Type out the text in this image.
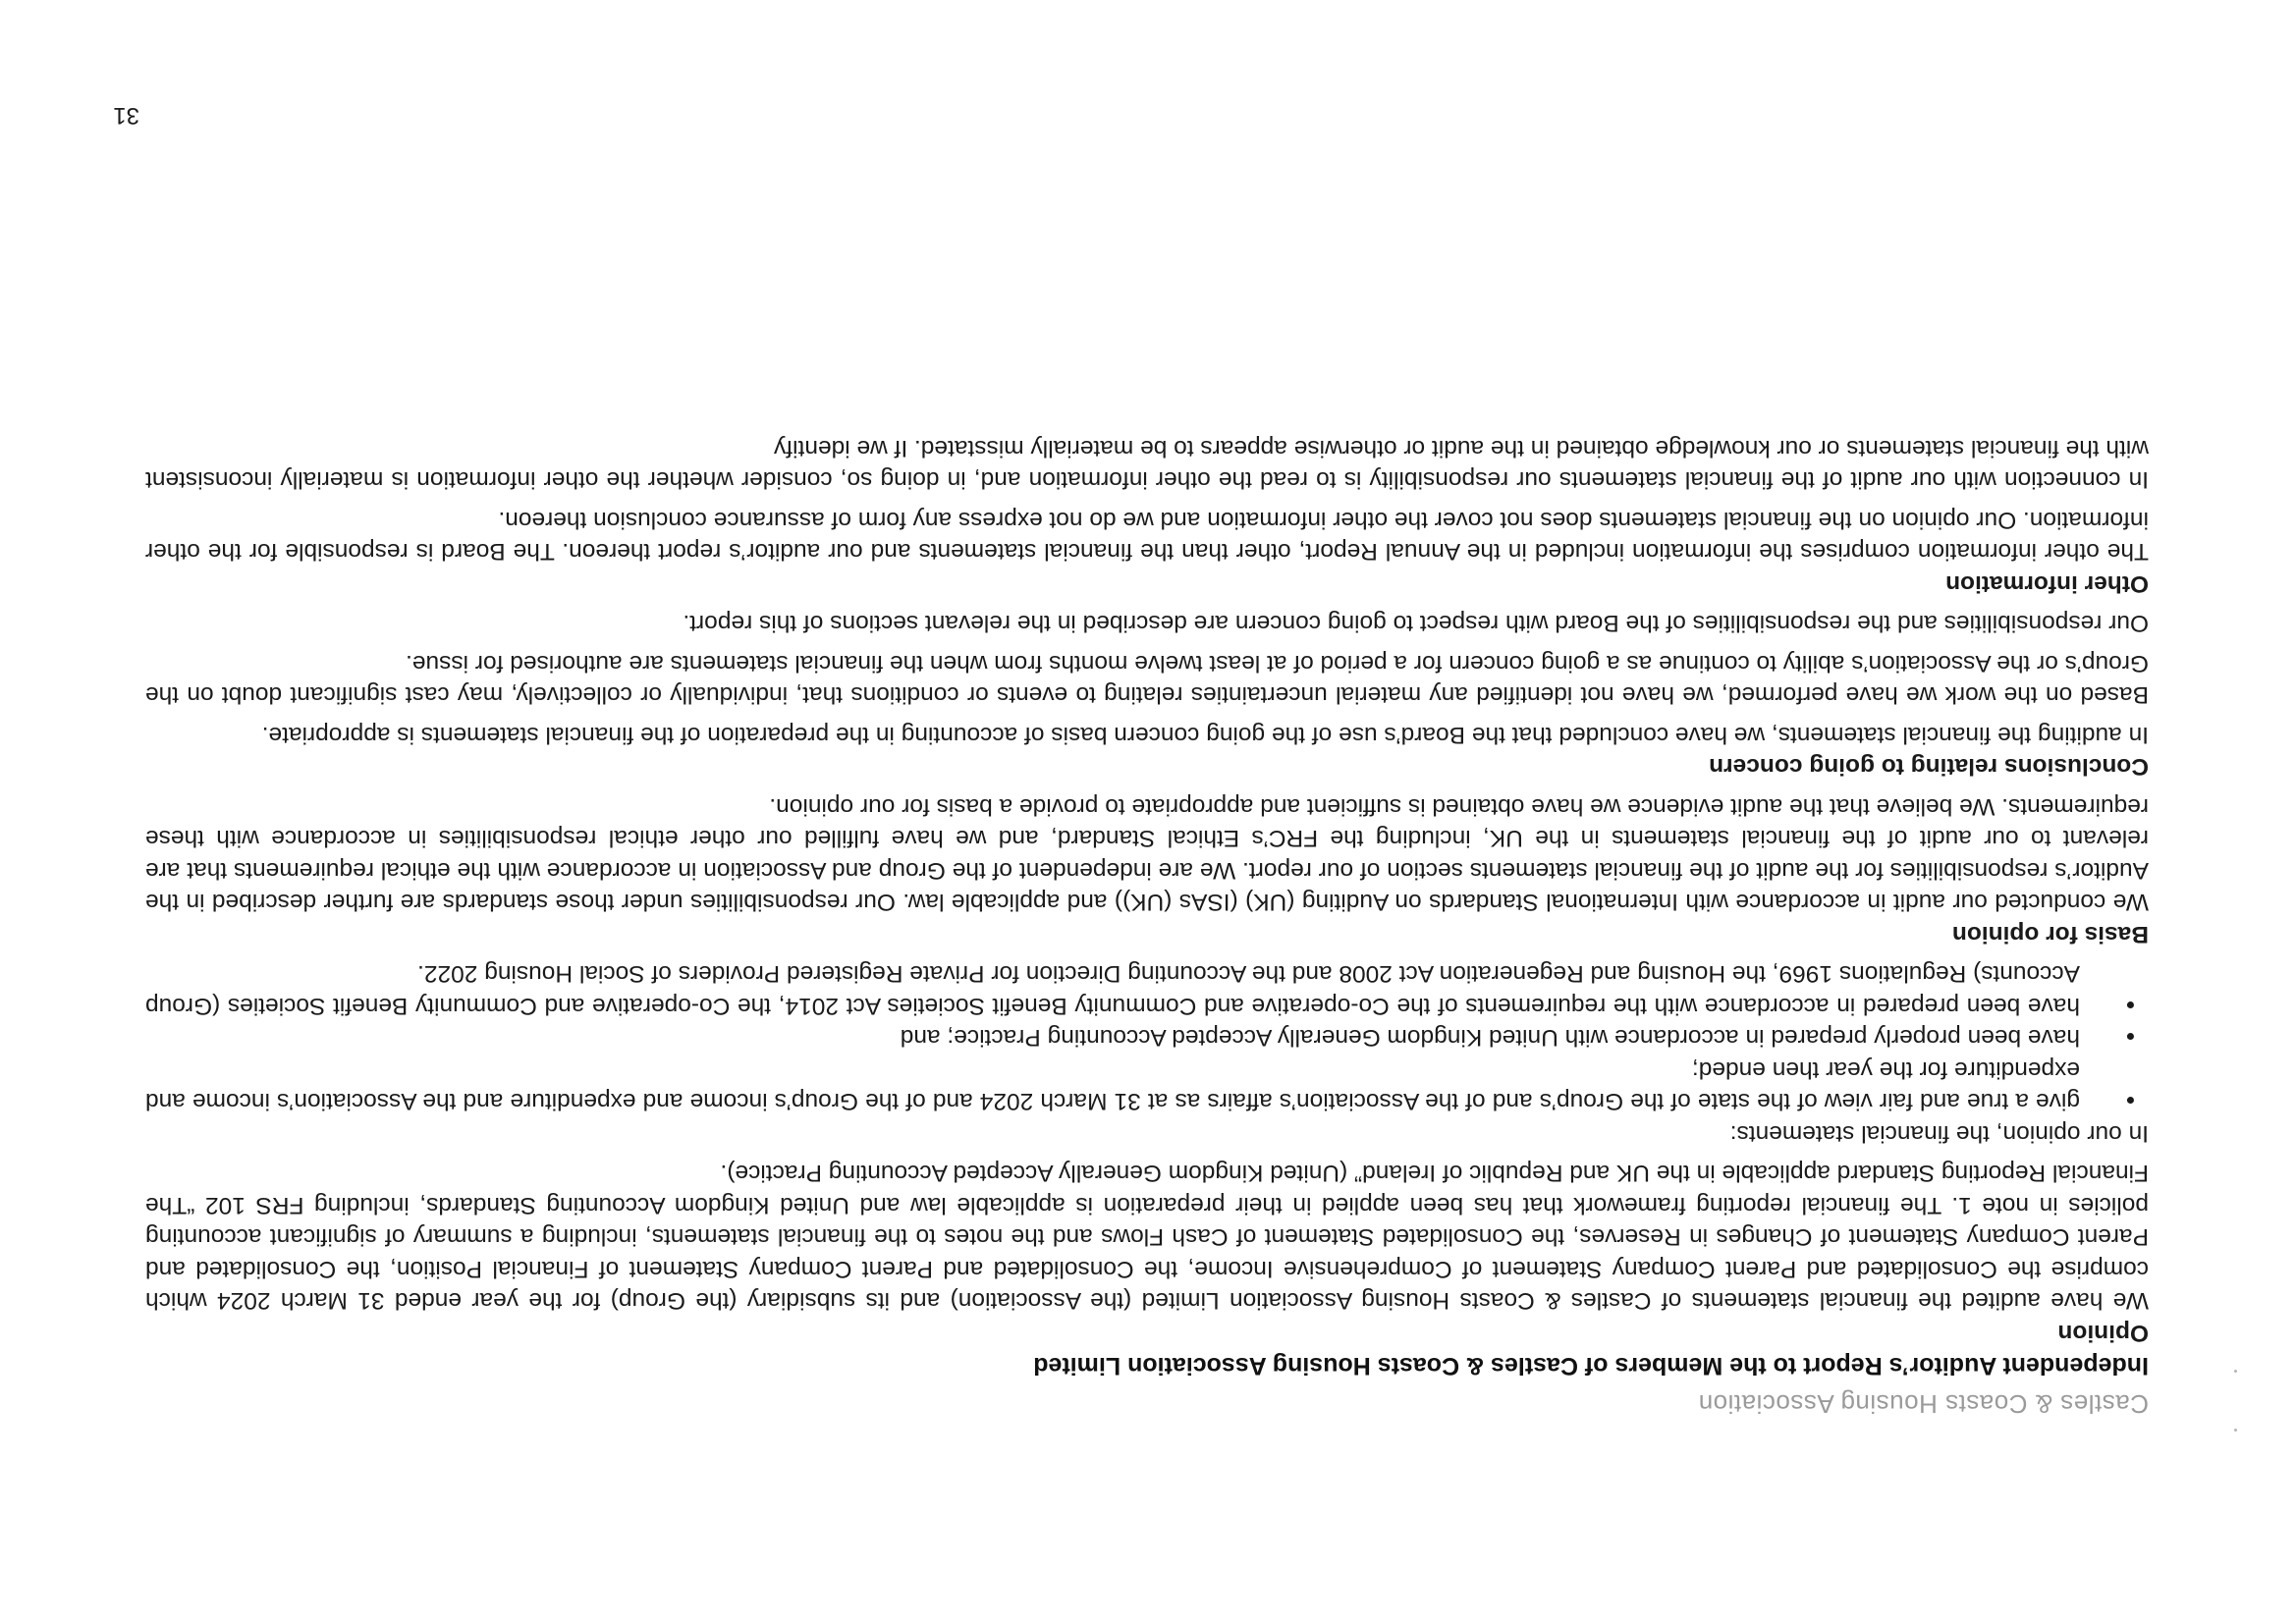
Castles & Coasts Housing Association
Independent Auditor’s Report to the Members of Castles & Coasts Housing Association Limited

Opinion

We have audited the financial statements of Castles & Coasts Housing Association Limited (the Association) and its subsidiary (the Group) for the year ended 31 March 2024 which comprise the Consolidated and Parent Company Statement of Comprehensive Income, the Consolidated and Parent Company Statement of Financial Position, the Consolidated and Parent Company Statement of Changes in Reserves, the Consolidated Statement of Cash Flows and the notes to the financial statements, including a summary of significant accounting policies in note 1. The financial reporting framework that has been applied in their preparation is applicable law and United Kingdom Accounting Standards, including FRS 102 “The Financial Reporting Standard applicable in the UK and Republic of Ireland” (United Kingdom Generally Accepted Accounting Practice).

In our opinion, the financial statements:

• give a true and fair view of the state of the Group’s and of the Association’s affairs as at 31 March 2024 and of the Group’s income and expenditure and the Association’s income and expenditure for the year then ended;
• have been properly prepared in accordance with United Kingdom Generally Accepted Accounting Practice; and
• have been prepared in accordance with the requirements of the Co-operative and Community Benefit Societies Act 2014, the Co-operative and Community Benefit Societies (Group Accounts) Regulations 1969, the Housing and Regeneration Act 2008 and the Accounting Direction for Private Registered Providers of Social Housing 2022.

Basis for opinion

We conducted our audit in accordance with International Standards on Auditing (UK) (ISAs (UK)) and applicable law. Our responsibilities under those standards are further described in the Auditor’s responsibilities for the audit of the financial statements section of our report. We are independent of the Group and Association in accordance with the ethical requirements that are relevant to our audit of the financial statements in the UK, including the FRC’s Ethical Standard, and we have fulfilled our other ethical responsibilities in accordance with these requirements. We believe that the audit evidence we have obtained is sufficient and appropriate to provide a basis for our opinion.

Conclusions relating to going concern

In auditing the financial statements, we have concluded that the Board’s use of the going concern basis of accounting in the preparation of the financial statements is appropriate.

Based on the work we have performed, we have not identified any material uncertainties relating to events or conditions that, individually or collectively, may cast significant doubt on the Group’s or the Association’s ability to continue as a going concern for a period of at least twelve months from when the financial statements are authorised for issue.

Our responsibilities and the responsibilities of the Board with respect to going concern are described in the relevant sections of this report.

Other information

The other information comprises the information included in the Annual Report, other than the financial statements and our auditor’s report thereon. The Board is responsible for the other information. Our opinion on the financial statements does not cover the other information and we do not express any form of assurance conclusion thereon.

In connection with our audit of the financial statements our responsibility is to read the other information and, in doing so, consider whether the other information is materially inconsistent with the financial statements or our knowledge obtained in the audit or otherwise appears to be materially misstated. If we identify

31
